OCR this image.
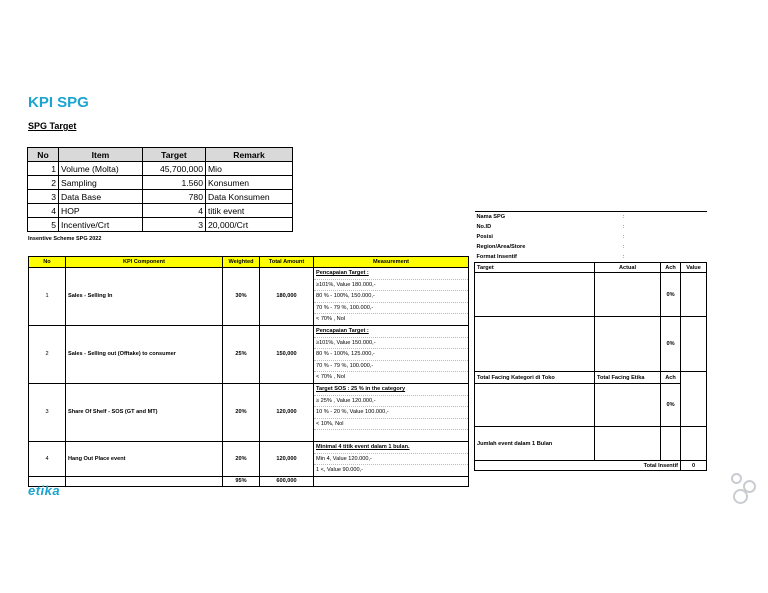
KPI SPG
SPG Target
No	Item	Target	Remark
1	Volume (Molta)	45,700,000	Mio
2	Sampling	1.560	Konsumen
3	Data Base	780	Data Konsumen
4	HOP	4	titik event
5	Incentive/Crt	3	20,000/Crt
Insentive Scheme SPG 2022
No	KPI Component	Weighted	Total Amount	Measurement
1	Sales - Selling In	30%	180,000	Pencapaian Target :
≥101%, Value 180.000,-
80 % - 100%, 150.000,-
70 % - 79 %, 100.000,-
< 70% , Nol

2	Sales - Selling out (Offtake) to consumer	25%	150,000	Pencapaian Target :
≥101%, Value 150.000,-
80 % - 100%, 125.000,-
70 % - 79 %, 100.000,-
< 70% , Nol

3	Share Of Shelf - SOS (GT and MT)	20%	120,000	Target SOS : 25 % in the category
≥ 25% , Value 120.000,-
10 % - 20 %, Value 100.000,-
< 10%, Nol

4	Hang Out Place event	20%	120,000	Minimal 4 titik event dalam 1 bulan.
Min 4, Value 120.000,-
1 <, Value 90.000,-

		95%	600,000	
Nama SPG	:		
No.ID	:		
Posisi	:		
Region/Area/Store	:		
Format Insentif	:		
Target	Actual	Ach	Value
		0%	
		0%	
Total Facing Kategori di Toko	Total Facing Etika	Ach	
		0%	
Jumlah event dalam 1 Bulan			
Total Insentif			0
etika
